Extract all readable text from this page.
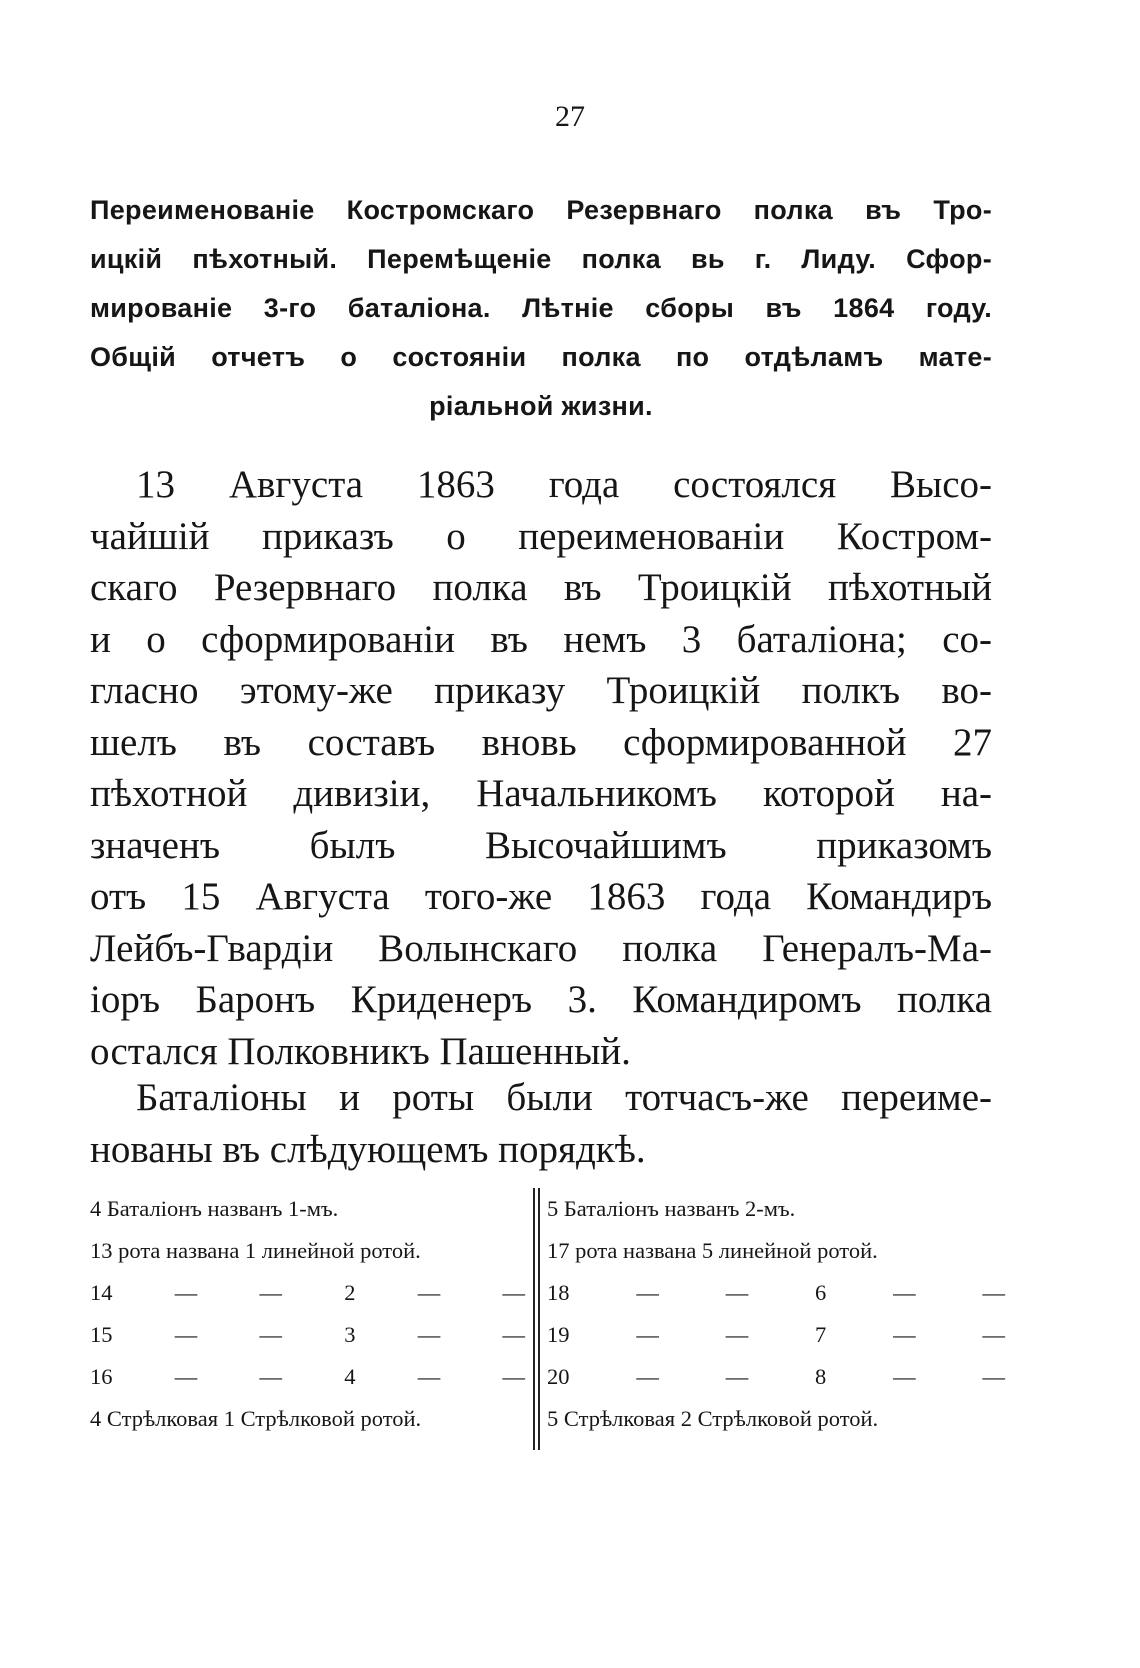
27
Переименованіе Костромскаго Резервнаго полка въ Тро-
ицкій пѣхотный. Перемѣщеніе полка вь г. Лиду. Сфор-
мированіе 3-го баталіона. Лѣтніе сборы въ 1864 году.
Общій отчетъ о состояніи полка по отдѣламъ мате-
ріальной жизни.
13 Августа 1863 года состоялся Высо-
чайшій приказъ о переименованіи Костром-
скаго Резервнаго полка въ Троицкій пѣхотный
и о сформированіи въ немъ 3 баталіона; со-
гласно этому-же приказу Троицкій полкъ во-
шелъ въ составъ вновь сформированной 27
пѣхотной дивизіи, Начальникомъ которой на-
значенъ былъ Высочайшимъ приказомъ
отъ 15 Августа того-же 1863 года Командиръ
Лейбъ-Гвардіи Волынскаго полка Генералъ-Ма-
іоръ Баронъ Криденеръ 3. Командиромъ полка
остался Полковникъ Пашенный.
Баталіоны и роты были тотчасъ-же переиме-
нованы въ слѣдующемъ порядкѣ.
4 Баталіонъ названъ 1-мъ.
13 рота названа 1 линейной ротой.
14	—	—	2	—	—
15	—	—	3	—	—
16	—	—	4	—	—
4 Стрѣлковая 1 Стрѣлковой ротой.
5 Баталіонъ названъ 2-мъ.
17 рота названа 5 линейной ротой.
18	—	—	6	—	—
19	—	—	7	—	—
20	—	—	8	—	—
5 Стрѣлковая 2 Стрѣлковой ротой.
